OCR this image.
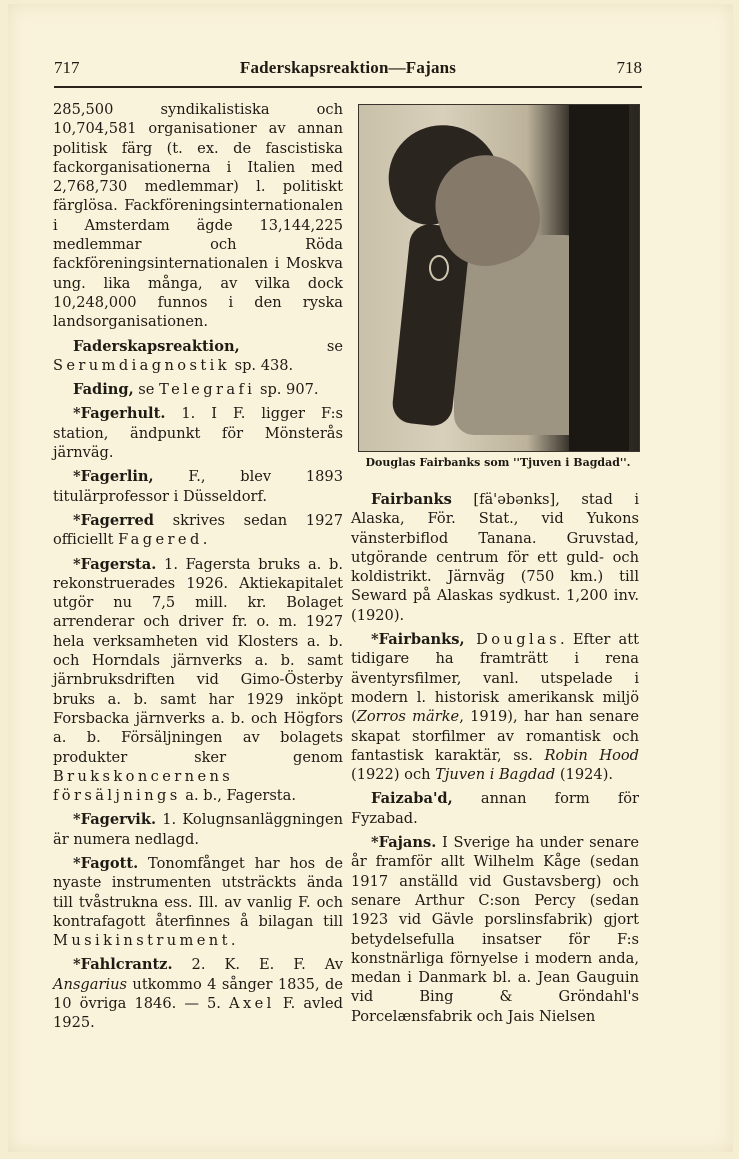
717	Faderskapsreaktion—Fajans	718

285,500 syndikalistiska och 10,704,581 organisationer av annan politisk färg (t. ex. de fascistiska fackorganisationerna i Italien med 2,768,730 medlemmar) l. politiskt färglösa. Fackföreningsinternationalen i Amsterdam ägde 13,144,225 medlemmar och Röda fackföreningsinternationalen i Moskva ung. lika många, av vilka dock 10,248,000 funnos i den ryska landsorganisationen.

Faderskapsreaktion, se Serumdiagnostik sp. 438.

Fading, se Telegrafi sp. 907.

*Fagerhult. 1. I F. ligger F:s station, ändpunkt för Mönsterås järnväg.

*Fagerlin, F., blev 1893 titulärprofessor i Düsseldorf.

*Fagerred skrives sedan 1927 officiellt Fagered.

*Fagersta. 1. Fagersta bruks a. b. rekonstruerades 1926. Aktiekapitalet utgör nu 7,5 mill. kr. Bolaget arrenderar och driver fr. o. m. 1927 hela verksamheten vid Klosters a. b. och Horndals järnverks a. b. samt järnbruksdriften vid Gimo-Österby bruks a. b. samt har 1929 inköpt Forsbacka järnverks a. b. och Högfors a. b. Försäljningen av bolagets produkter sker genom Brukskoncernens försäljnings a. b., Fagersta.

*Fagervik. 1. Kolugnsanläggningen är numera nedlagd.

*Fagott. Tonomfånget har hos de nyaste instrumenten utsträckts ända till tvåstrukna ess. Ill. av vanlig F. och kontrafagott återfinnes å bilagan till Musikinstrument.

*Fahlcrantz. 2. K. E. F. Av Ansgarius utkommo 4 sånger 1835, de 10 övriga 1846. — 5. Axel F. avled 1925.

Douglas Fairbanks som ''Tjuven i Bagdad''.

Fairbanks [fä'əbənks], stad i Alaska, För. Stat., vid Yukons vänsterbiflod Tanana. Gruvstad, utgörande centrum för ett guld- och koldistrikt. Järnväg (750 km.) till Seward på Alaskas sydkust. 1,200 inv. (1920).

*Fairbanks, Douglas. Efter att tidigare ha framträtt i rena äventyrsfilmer, vanl. utspelade i modern l. historisk amerikansk miljö (Zorros märke, 1919), har han senare skapat storfilmer av romantisk och fantastisk karaktär, ss. Robin Hood (1922) och Tjuven i Bagdad (1924).

Faizaba'd, annan form för Fyzabad.

*Fajans. I Sverige ha under senare år framför allt Wilhelm Kåge (sedan 1917 anställd vid Gustavsberg) och senare Arthur C:son Percy (sedan 1923 vid Gävle porslinsfabrik) gjort betydelsefulla insatser för F:s konstnärliga förnyelse i modern anda, medan i Danmark bl. a. Jean Gauguin vid Bing & Gröndahl's Porcelænsfabrik och Jais Nielsen
